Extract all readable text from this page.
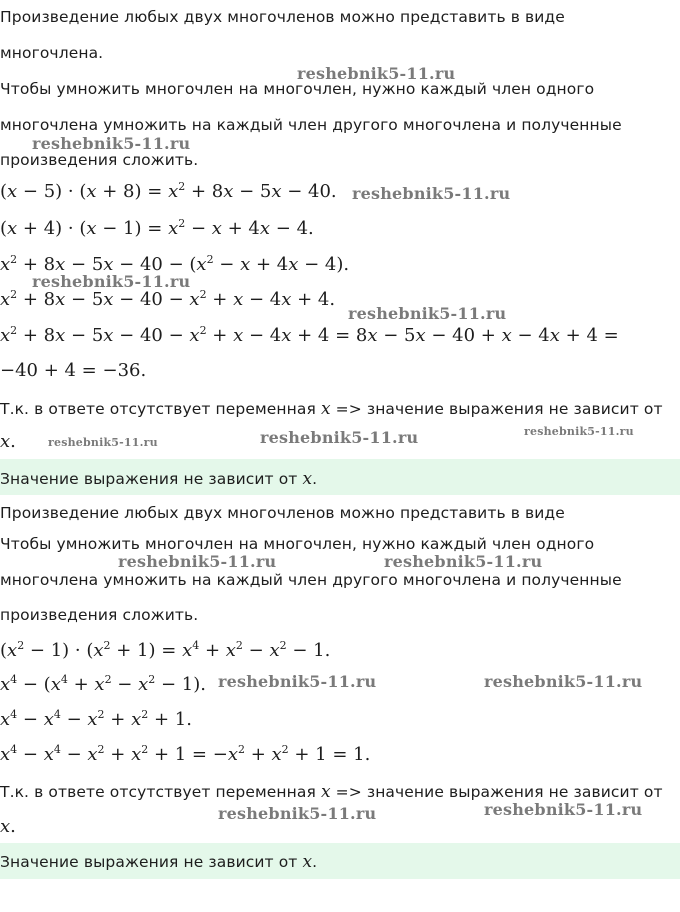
Произведение любых двух многочленов можно представить в виде
многочлена.
Чтобы умножить многочлен на многочлен, нужно каждый член одного
многочлена умножить на каждый член другого многочлена и полученные
произведения сложить.
$(x - 5) \cdot (x + 8) = x^2 + 8x - 5x - 40$.
$(x + 4) \cdot (x - 1) = x^2 - x + 4x - 4$.
$x^2 + 8x - 5x - 40 - (x^2 - x + 4x - 4)$.
$x^2 + 8x - 5x - 40 - x^2 + x - 4x + 4$.
$x^2 + 8x - 5x - 40 - x^2 + x - 4x + 4 = 8x - 5x - 40 + x - 4x + 4$ =
−40 + 4 = −36.
Т.к. в ответе отсутствует переменная x => значение выражения не зависит от
x.
Значение выражения не зависит от x.
Произведение любых двух многочленов можно представить в виде
Чтобы умножить многочлен на многочлен, нужно каждый член одного
многочлена умножить на каждый член другого многочлена и полученные
произведения сложить.
$(x^2 - 1) \cdot (x^2 + 1) = x^4 + x^2 - x^2 - 1$.
$x^4 - (x^4 + x^2 - x^2 - 1)$.
$x^4 - x^4 - x^2 + x^2 + 1$.
$x^4 - x^4 - x^2 + x^2 + 1 = -x^2 + x^2 + 1 = 1$.
Т.к. в ответе отсутствует переменная x => значение выражения не зависит от
x.
Значение выражения не зависит от x.
reshebnik5-11.ru
reshebnik5-11.ru
reshebnik5-11.ru
reshebnik5-11.ru
reshebnik5-11.ru
reshebnik5-11.ru	reshebnik5-11.ru	reshebnik5-11.ru
reshebnik5-11.ru	reshebnik5-11.ru
reshebnik5-11.ru	reshebnik5-11.ru
reshebnik5-11.ru
reshebnik5-11.ru
